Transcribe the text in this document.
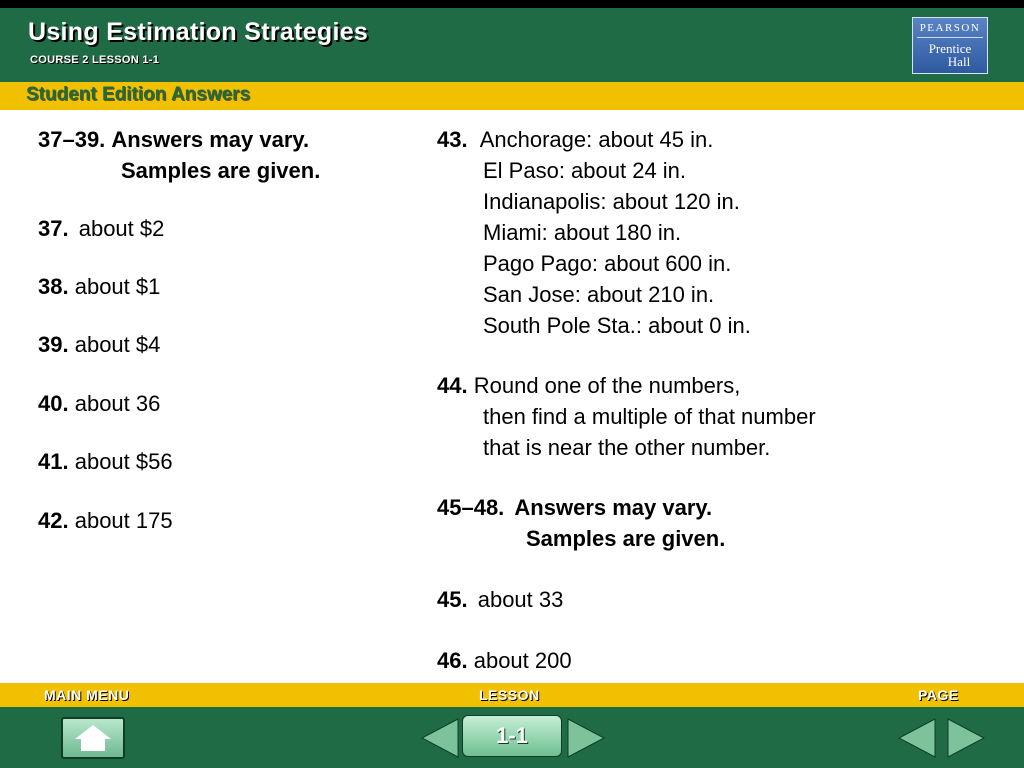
Using Estimation Strategies
COURSE 2 LESSON 1-1
PEARSON
Prentice
Hall
Student Edition Answers
37–39. Answers may vary.
Samples are given.
37. about $2
38. about $1
39. about $4
40. about 36
41. about $56
42. about 175
43. Anchorage: about 45 in.
El Paso: about 24 in.
Indianapolis: about 120 in.
Miami: about 180 in.
Pago Pago: about 600 in.
San Jose: about 210 in.
South Pole Sta.: about 0 in.
44. Round one of the numbers,
then find a multiple of that number
that is near the other number.
45–48. Answers may vary.
Samples are given.
45. about 33
46. about 200
MAIN MENU	LESSON	PAGE
1-1
